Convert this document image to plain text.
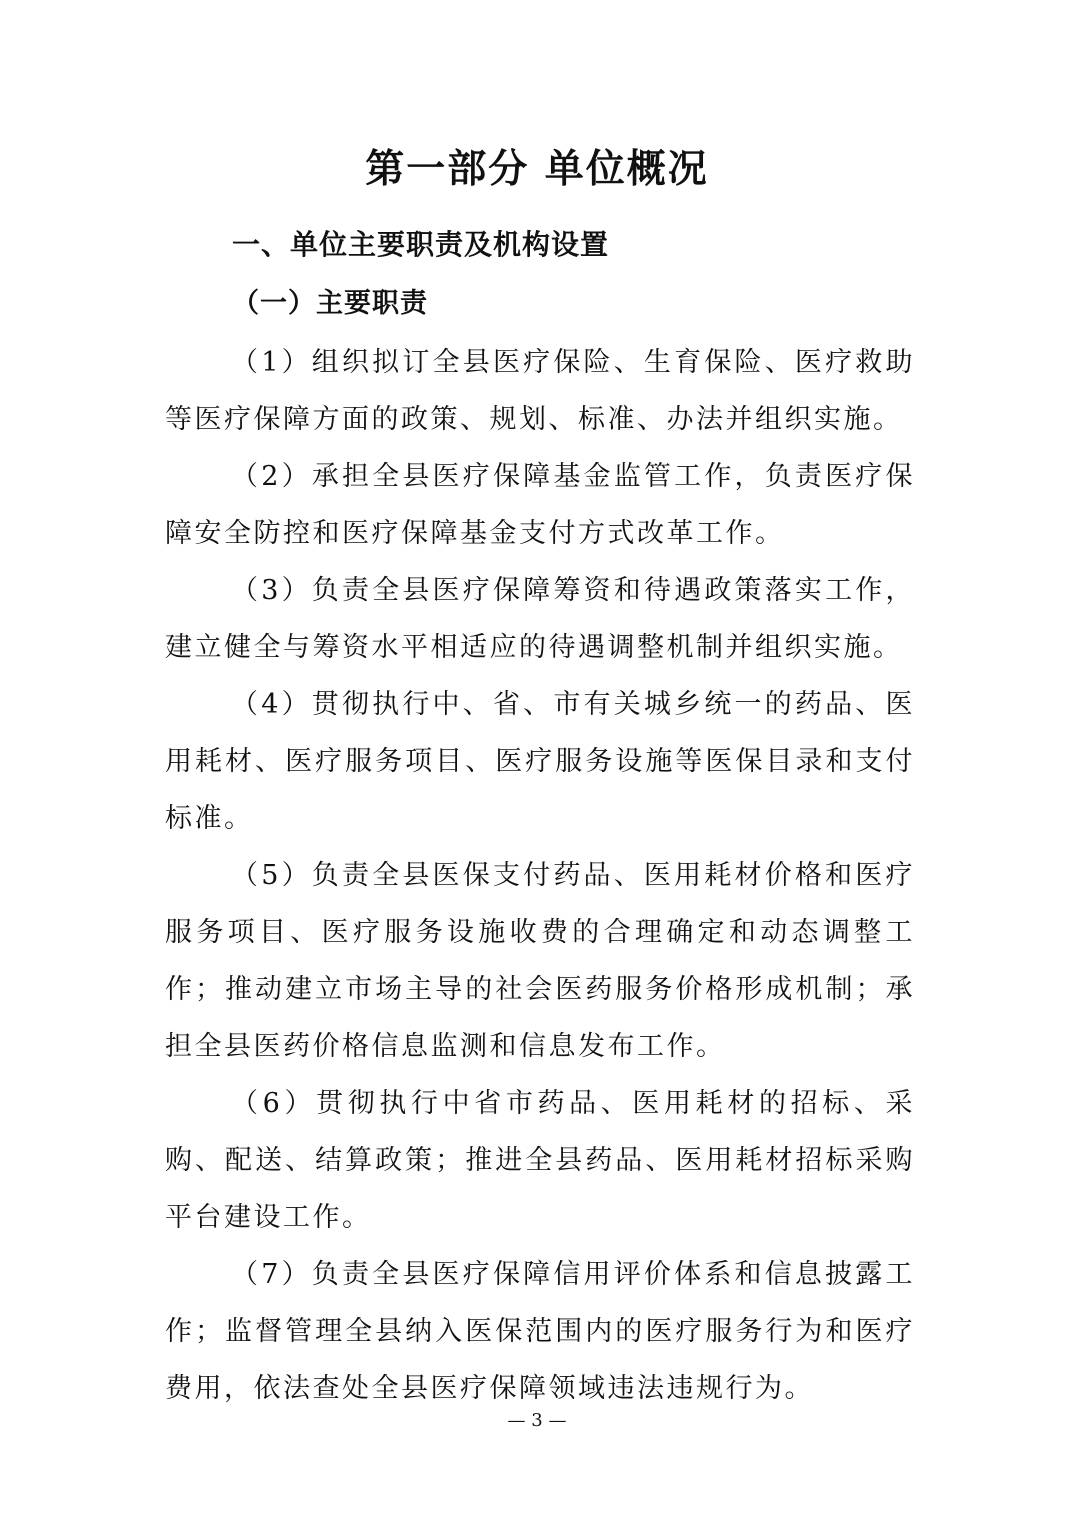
第一部分 单位概况
一、单位主要职责及机构设置
（一）主要职责

（1）组织拟订全县医疗保险、生育保险、医疗救助等医疗保障方面的政策、规划、标准、办法并组织实施。

（2）承担全县医疗保障基金监管工作，负责医疗保障安全防控和医疗保障基金支付方式改革工作。

（3）负责全县医疗保障筹资和待遇政策落实工作，建立健全与筹资水平相适应的待遇调整机制并组织实施。

（4）贯彻执行中、省、市有关城乡统一的药品、医用耗材、医疗服务项目、医疗服务设施等医保目录和支付标准。

（5）负责全县医保支付药品、医用耗材价格和医疗服务项目、医疗服务设施收费的合理确定和动态调整工作；推动建立市场主导的社会医药服务价格形成机制；承担全县医药价格信息监测和信息发布工作。

（6）贯彻执行中省市药品、医用耗材的招标、采购、配送、结算政策；推进全县药品、医用耗材招标采购平台建设工作。

（7）负责全县医疗保障信用评价体系和信息披露工作；监督管理全县纳入医保范围内的医疗服务行为和医疗费用，依法查处全县医疗保障领域违法违规行为。

— 3 —
